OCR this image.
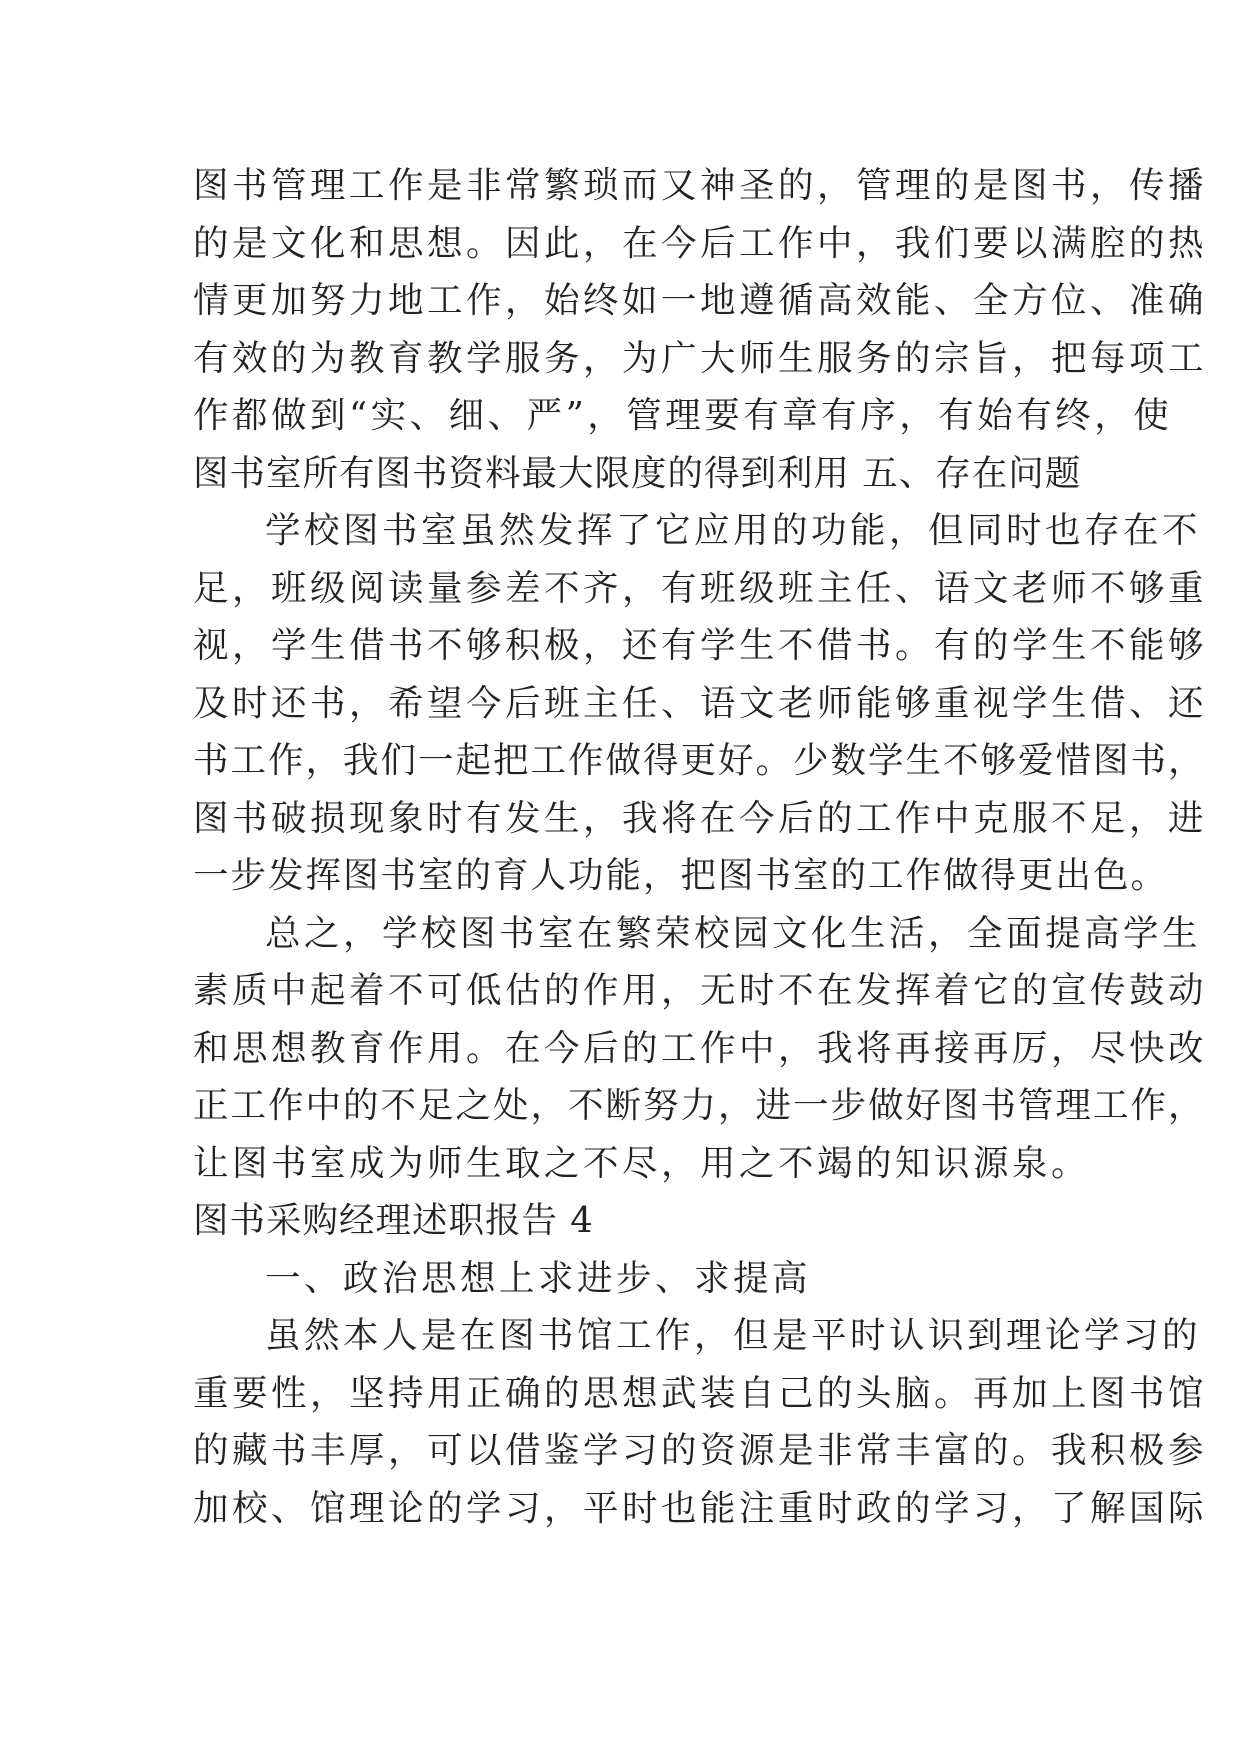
图书管理工作是非常繁琐而又神圣的，管理的是图书，传播
的是文化和思想。因此，在今后工作中，我们要以满腔的热
情更加努力地工作，始终如一地遵循高效能、全方位、准确
有效的为教育教学服务，为广大师生服务的宗旨，把每项工
作都做到“实、细、严”，管理要有章有序，有始有终，使
图书室所有图书资料最大限度的得到利用 五、存在问题
学校图书室虽然发挥了它应用的功能，但同时也存在不
足，班级阅读量参差不齐，有班级班主任、语文老师不够重
视，学生借书不够积极，还有学生不借书。有的学生不能够
及时还书，希望今后班主任、语文老师能够重视学生借、还
书工作，我们一起把工作做得更好。少数学生不够爱惜图书，
图书破损现象时有发生，我将在今后的工作中克服不足，进
一步发挥图书室的育人功能，把图书室的工作做得更出色。
总之，学校图书室在繁荣校园文化生活，全面提高学生
素质中起着不可低估的作用，无时不在发挥着它的宣传鼓动
和思想教育作用。在今后的工作中，我将再接再厉，尽快改
正工作中的不足之处，不断努力，进一步做好图书管理工作，
让图书室成为师生取之不尽，用之不竭的知识源泉。
图书采购经理述职报告 4
一、政治思想上求进步、求提高
虽然本人是在图书馆工作，但是平时认识到理论学习的
重要性，坚持用正确的思想武装自己的头脑。再加上图书馆
的藏书丰厚，可以借鉴学习的资源是非常丰富的。我积极参
加校、馆理论的学习，平时也能注重时政的学习，了解国际
